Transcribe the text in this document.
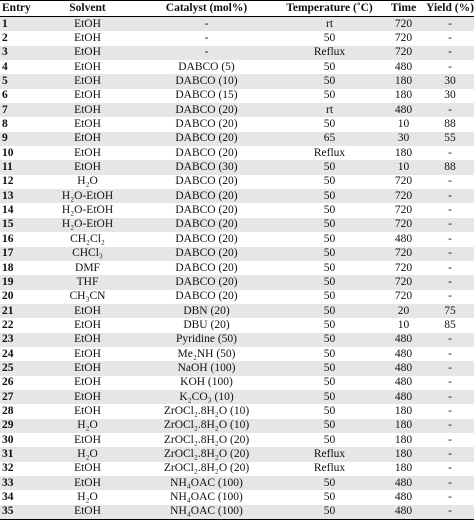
Entry	Solvent	Catalyst (mol%)	Temperature (˚C)	Time	Yield (%)
1	EtOH	-	rt	720	-
2	EtOH	-	50	720	-
3	EtOH	-	Reflux	720	-
4	EtOH	DABCO (5)	50	480	-
5	EtOH	DABCO (10)	50	180	30
6	EtOH	DABCO (15)	50	180	30
7	EtOH	DABCO (20)	rt	480	-
8	EtOH	DABCO (20)	50	10	88
9	EtOH	DABCO (20)	65	30	55
10	EtOH	DABCO (20)	Reflux	180	-
11	EtOH	DABCO (30)	50	10	88
12	H₂O	DABCO (20)	50	720	-
13	H₂O-EtOH	DABCO (20)	50	720	-
14	H₂O-EtOH	DABCO (20)	50	720	-
15	H₂O-EtOH	DABCO (20)	50	720	-
16	CH₂Cl₂	DABCO (20)	50	480	-
17	CHCl₃	DABCO (20)	50	720	-
18	DMF	DABCO (20)	50	720	-
19	THF	DABCO (20)	50	720	-
20	CH₃CN	DABCO (20)	50	720	-
21	EtOH	DBN (20)	50	20	75
22	EtOH	DBU (20)	50	10	85
23	EtOH	Pyridine (50)	50	480	-
24	EtOH	Me₂NH (50)	50	480	-
25	EtOH	NaOH (100)	50	480	-
26	EtOH	KOH (100)	50	480	-
27	EtOH	K₂CO₃ (10)	50	480	-
28	EtOH	ZrOCl₂.8H₂O (10)	50	180	-
29	H₂O	ZrOCl₂.8H₂O (10)	50	180	-
30	EtOH	ZrOCl₂.8H₂O (20)	50	180	-
31	H₂O	ZrOCl₂.8H₂O (20)	Reflux	180	-
32	EtOH	ZrOCl₂.8H₂O (20)	Reflux	180	-
33	EtOH	NH₄OAC (100)	50	480	-
34	H₂O	NH₄OAC (100)	50	480	-
35	EtOH	NH₄OAC (100)	50	480	-
